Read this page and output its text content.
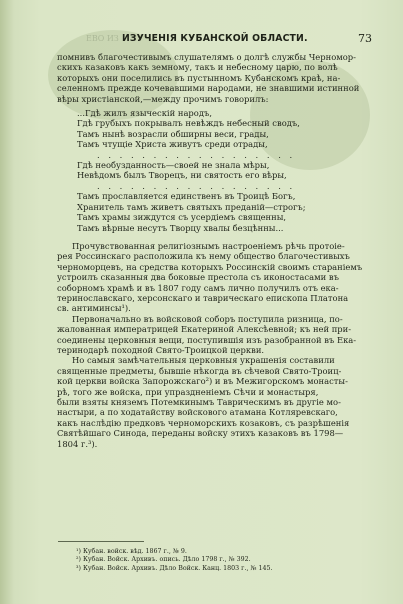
ЕВО ИЗ ИЗУЧЕНІЯ КУБАНСКОЙ ОБЛАСТИ.	73
помнивъ благочестивымъ слушателямъ о долгѣ службы Черномор-
скихъ казаковъ какъ земному, такъ и небесному царю, по волѣ
которыхъ они поселились въ пустынномъ Кубанскомъ краѣ, на-
селенномъ прежде кочевавшими народами, не знавшими истинной
вѣры христіанской,—между прочимъ говорилъ:
...Гдѣ жилъ языческій народъ,
Гдѣ грубыхъ покрывалъ невѣждъ небесный сводъ,
Тамъ нынѣ возрасли обширны веси, грады,
Тамъ чтущіе Христа живутъ среди отрады,
. . . . . . . . . . . . . . . . . .
Гдѣ необузданность—своей не знала мѣры,
Невѣдомъ былъ Творецъ, ни святость его вѣры,
. . . . . . . . . . . . . . . . . .
Тамъ прославляется единственъ въ Троицѣ Богъ,
Хранитель тамъ живетъ святыхъ преданій—строгъ;
Тамъ храмы зиждутся съ усердіемъ священны,
Тамъ вѣрные несутъ Творцу хвалы безцѣнны...
Прочувствованная религіознымъ настроеніемъ рѣчь протоіе-
рея Россинскаго расположила къ нему общество благочестивыхъ
черноморцевъ, на средства которыхъ Россинскій своимъ стараніемъ
устроилъ сказанныя два боковые престола съ иконостасами въ
соборномъ храмѣ и въ 1807 году самъ лично получилъ отъ ека-
теринославскаго, херсонскаго и таврическаго епископа Платона
св. антиминсы¹).
Первоначально въ войсковой соборъ поступила ризница, по-
жалованная императрицей Екатериной Алексѣевной; къ ней при-
соединены церковныя вещи, поступившія изъ разобранной въ Ека-
теринодарѣ походной Свято-Троицкой церкви.
Но самыя замѣчательныя церковныя украшенія составили
священные предметы, бывшіе нѣкогда въ сѣчевой Свято-Троиц-
кой церкви войска Запорожскаго²) и въ Межигорскомъ монасты-
рѣ, того же войска, при упраздненіемъ Сѣчи и монастыря,
были взяты княземъ Потемкинымъ Таврическимъ въ другіе мо-
настыри, а по ходатайству войскового атамана Котляревскаго,
какъ наслѣдію предковъ черноморскихъ козаковъ, съ разрѣшенія
Святѣйшаго Синода, переданы войску этихъ казаковъ въ 1798—
1804 г.³).
¹) Кубан. войск. вѣд. 1867 г., № 9.
²) Кубан. Войск. Архивъ. опись. Дѣло 1798 г., № 392.
³) Кубан. Войск. Архивъ. Дѣло Войск. Канц. 1803 г., № 145.
